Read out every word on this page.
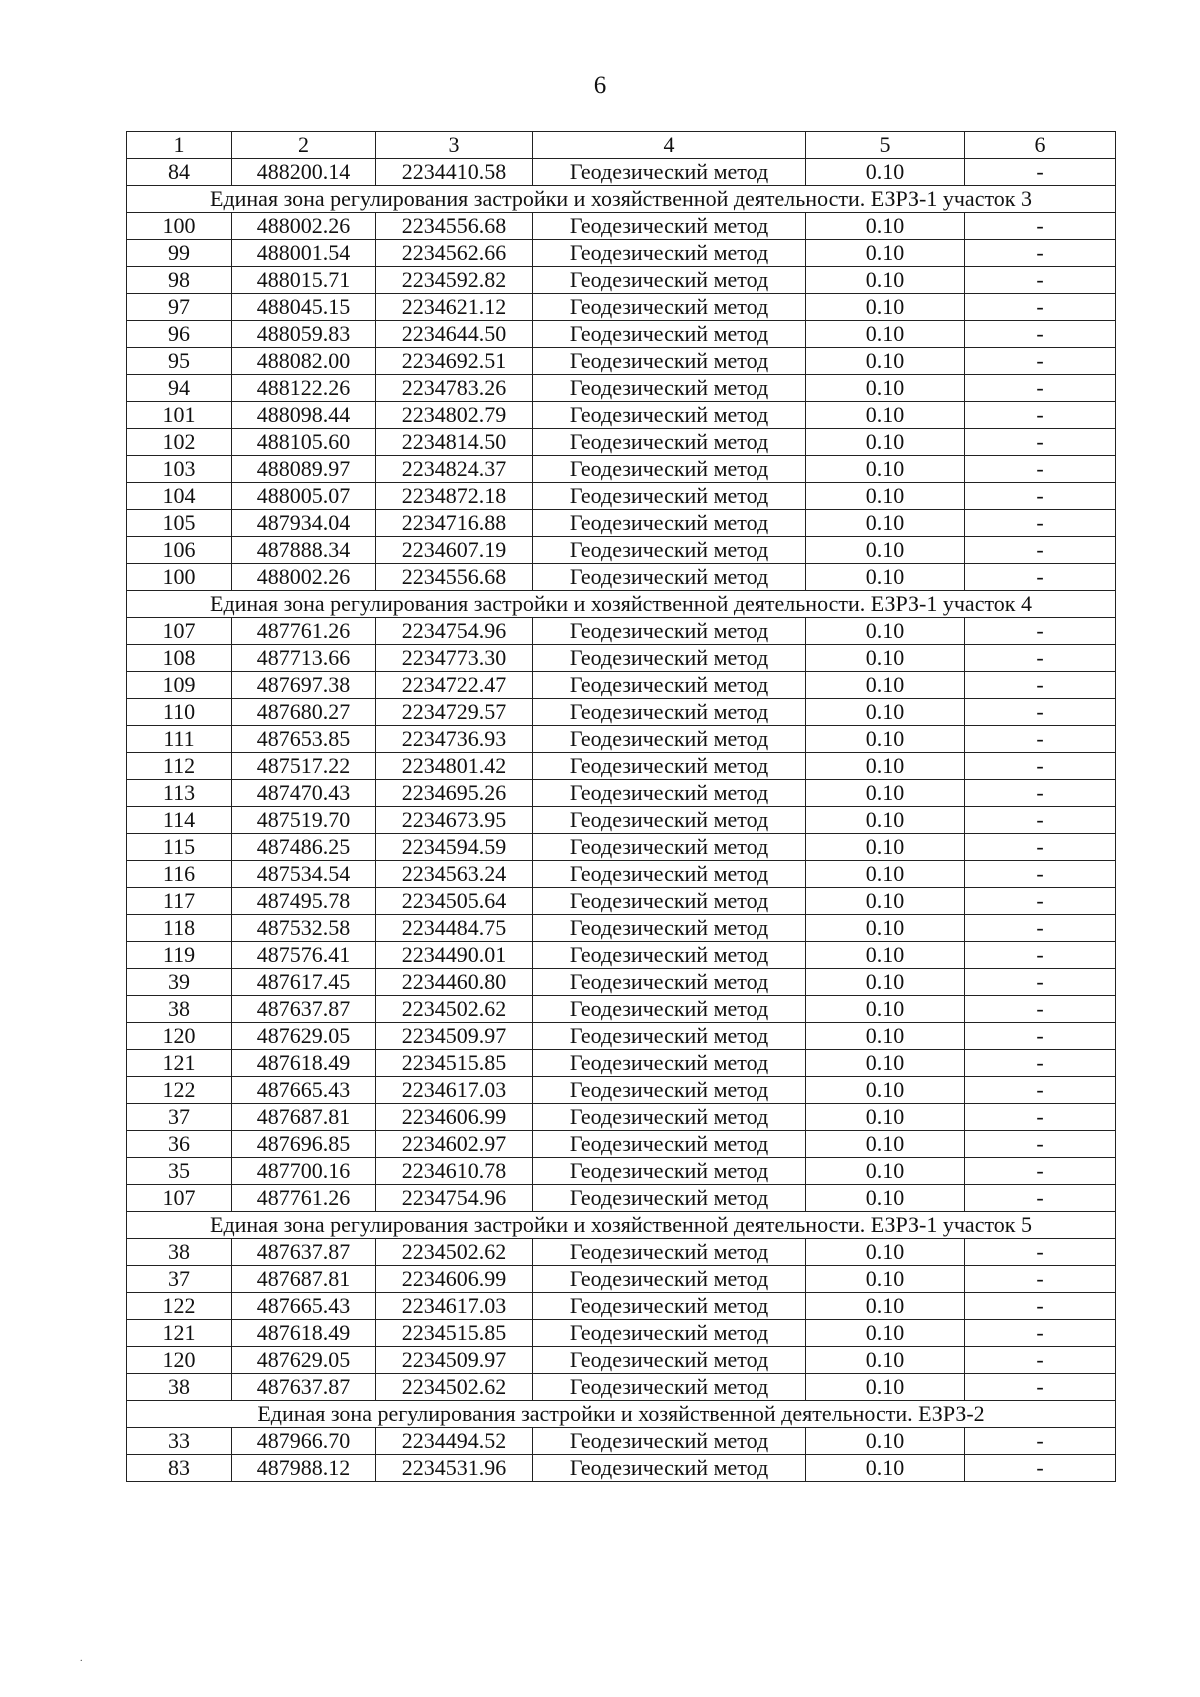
6
1	2	3	4	5	6
84	488200.14	2234410.58	Геодезический метод	0.10	-
Единая зона регулирования застройки и хозяйственной деятельности. ЕЗРЗ-1 участок 3					
100	488002.26	2234556.68	Геодезический метод	0.10	-
99	488001.54	2234562.66	Геодезический метод	0.10	-
98	488015.71	2234592.82	Геодезический метод	0.10	-
97	488045.15	2234621.12	Геодезический метод	0.10	-
96	488059.83	2234644.50	Геодезический метод	0.10	-
95	488082.00	2234692.51	Геодезический метод	0.10	-
94	488122.26	2234783.26	Геодезический метод	0.10	-
101	488098.44	2234802.79	Геодезический метод	0.10	-
102	488105.60	2234814.50	Геодезический метод	0.10	-
103	488089.97	2234824.37	Геодезический метод	0.10	-
104	488005.07	2234872.18	Геодезический метод	0.10	-
105	487934.04	2234716.88	Геодезический метод	0.10	-
106	487888.34	2234607.19	Геодезический метод	0.10	-
100	488002.26	2234556.68	Геодезический метод	0.10	-
Единая зона регулирования застройки и хозяйственной деятельности. ЕЗРЗ-1 участок 4					
107	487761.26	2234754.96	Геодезический метод	0.10	-
108	487713.66	2234773.30	Геодезический метод	0.10	-
109	487697.38	2234722.47	Геодезический метод	0.10	-
110	487680.27	2234729.57	Геодезический метод	0.10	-
111	487653.85	2234736.93	Геодезический метод	0.10	-
112	487517.22	2234801.42	Геодезический метод	0.10	-
113	487470.43	2234695.26	Геодезический метод	0.10	-
114	487519.70	2234673.95	Геодезический метод	0.10	-
115	487486.25	2234594.59	Геодезический метод	0.10	-
116	487534.54	2234563.24	Геодезический метод	0.10	-
117	487495.78	2234505.64	Геодезический метод	0.10	-
118	487532.58	2234484.75	Геодезический метод	0.10	-
119	487576.41	2234490.01	Геодезический метод	0.10	-
39	487617.45	2234460.80	Геодезический метод	0.10	-
38	487637.87	2234502.62	Геодезический метод	0.10	-
120	487629.05	2234509.97	Геодезический метод	0.10	-
121	487618.49	2234515.85	Геодезический метод	0.10	-
122	487665.43	2234617.03	Геодезический метод	0.10	-
37	487687.81	2234606.99	Геодезический метод	0.10	-
36	487696.85	2234602.97	Геодезический метод	0.10	-
35	487700.16	2234610.78	Геодезический метод	0.10	-
107	487761.26	2234754.96	Геодезический метод	0.10	-
Единая зона регулирования застройки и хозяйственной деятельности. ЕЗРЗ-1 участок 5					
38	487637.87	2234502.62	Геодезический метод	0.10	-
37	487687.81	2234606.99	Геодезический метод	0.10	-
122	487665.43	2234617.03	Геодезический метод	0.10	-
121	487618.49	2234515.85	Геодезический метод	0.10	-
120	487629.05	2234509.97	Геодезический метод	0.10	-
38	487637.87	2234502.62	Геодезический метод	0.10	-
Единая зона регулирования застройки и хозяйственной деятельности. ЕЗРЗ-2					
33	487966.70	2234494.52	Геодезический метод	0.10	-
83	487988.12	2234531.96	Геодезический метод	0.10	-
.
